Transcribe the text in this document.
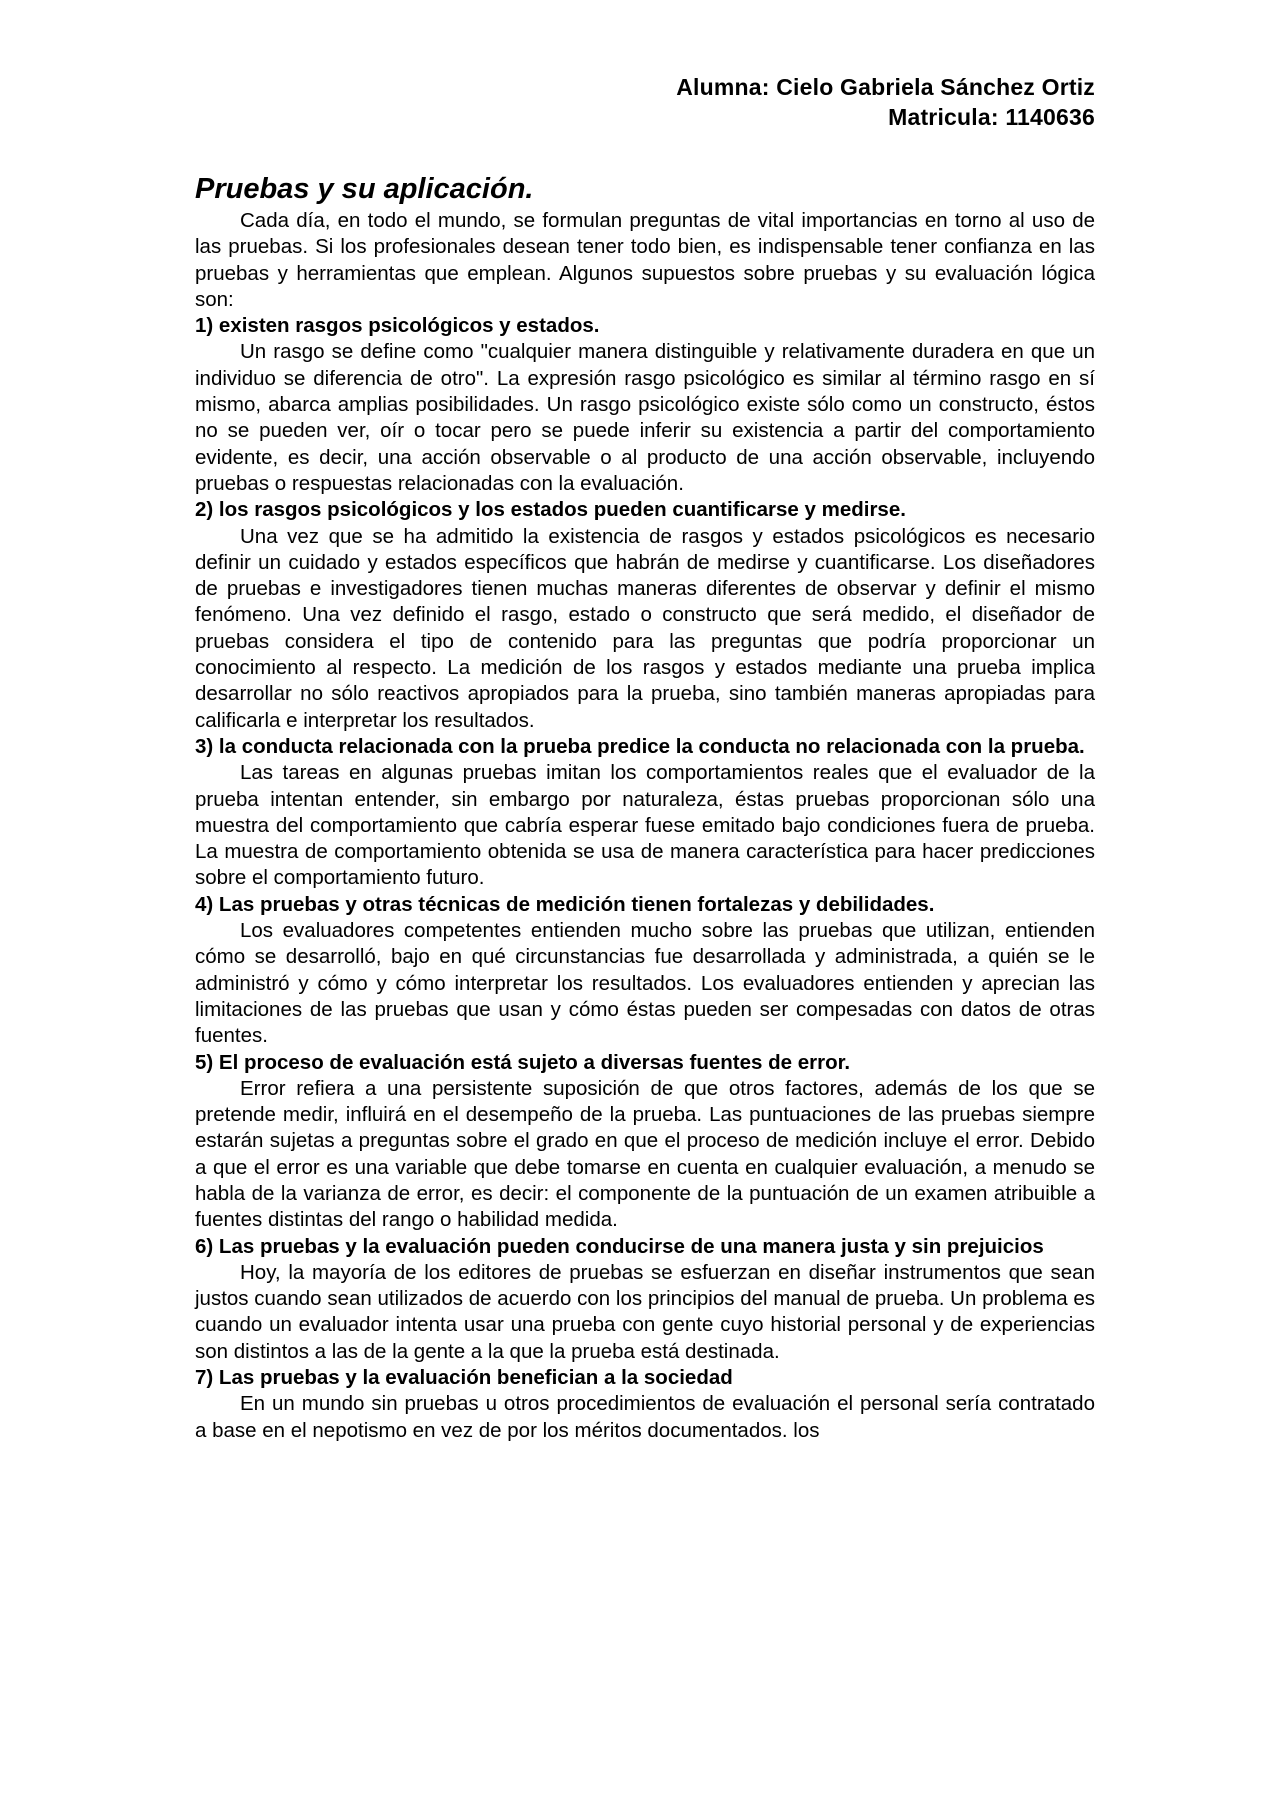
Alumna: Cielo Gabriela Sánchez Ortiz
Matricula: 1140636
Pruebas y su aplicación.

Cada día, en todo el mundo, se formulan preguntas de vital importancias en torno al uso de las pruebas. Si los profesionales desean tener todo bien, es indispensable tener confianza en las pruebas y herramientas que emplean. Algunos supuestos sobre pruebas y su evaluación lógica son:

1) existen rasgos psicológicos y estados.

Un rasgo se define como "cualquier manera distinguible y relativamente duradera en que un individuo se diferencia de otro". La expresión rasgo psicológico es similar al término rasgo en sí mismo, abarca amplias posibilidades. Un rasgo psicológico existe sólo como un constructo, éstos no se pueden ver, oír o tocar pero se puede inferir su existencia a partir del comportamiento evidente, es decir, una acción observable o al producto de una acción observable, incluyendo pruebas o respuestas relacionadas con la evaluación.

2) los rasgos psicológicos y los estados pueden cuantificarse y medirse.

Una vez que se ha admitido la existencia de rasgos y estados psicológicos es necesario definir un cuidado y estados específicos que habrán de medirse y cuantificarse. Los diseñadores de pruebas e investigadores tienen muchas maneras diferentes de observar y definir el mismo fenómeno. Una vez definido el rasgo, estado o constructo que será medido, el diseñador de pruebas considera el tipo de contenido para las preguntas que podría proporcionar un conocimiento al respecto. La medición de los rasgos y estados mediante una prueba implica desarrollar no sólo reactivos apropiados para la prueba, sino también maneras apropiadas para calificarla e interpretar los resultados.

3) la conducta relacionada con la prueba predice la conducta no relacionada con la prueba.

Las tareas en algunas pruebas imitan los comportamientos reales que el evaluador de la prueba intentan entender, sin embargo por naturaleza, éstas pruebas proporcionan sólo una muestra del comportamiento que cabría esperar fuese emitado bajo condiciones fuera de prueba. La muestra de comportamiento obtenida se usa de manera característica para hacer predicciones sobre el comportamiento futuro.

4) Las pruebas y otras técnicas de medición tienen fortalezas y debilidades.

Los evaluadores competentes entienden mucho sobre las pruebas que utilizan, entienden cómo se desarrolló, bajo en qué circunstancias fue desarrollada y administrada, a quién se le administró y cómo y cómo interpretar los resultados. Los evaluadores entienden y aprecian las limitaciones de las pruebas que usan y cómo éstas pueden ser compesadas con datos de otras fuentes.

5) El proceso de evaluación está sujeto a diversas fuentes de error.

Error refiera a una persistente suposición de que otros factores, además de los que se pretende medir, influirá en el desempeño de la prueba. Las puntuaciones de las pruebas siempre estarán sujetas a preguntas sobre el grado en que el proceso de medición incluye el error. Debido a que el error es una variable que debe tomarse en cuenta en cualquier evaluación, a menudo se habla de la varianza de error, es decir: el componente de la puntuación de un examen atribuible a fuentes distintas del rango o habilidad medida.

6) Las pruebas y la evaluación pueden conducirse de una manera justa y sin prejuicios

Hoy, la mayoría de los editores de pruebas se esfuerzan en diseñar instrumentos que sean justos cuando sean utilizados de acuerdo con los principios del manual de prueba. Un problema es cuando un evaluador intenta usar una prueba con gente cuyo historial personal y de experiencias son distintos a las de la gente a la que la prueba está destinada.

7) Las pruebas y la evaluación benefician a la sociedad

En un mundo sin pruebas u otros procedimientos de evaluación el personal sería contratado a base en el nepotismo en vez de por los méritos documentados. los
